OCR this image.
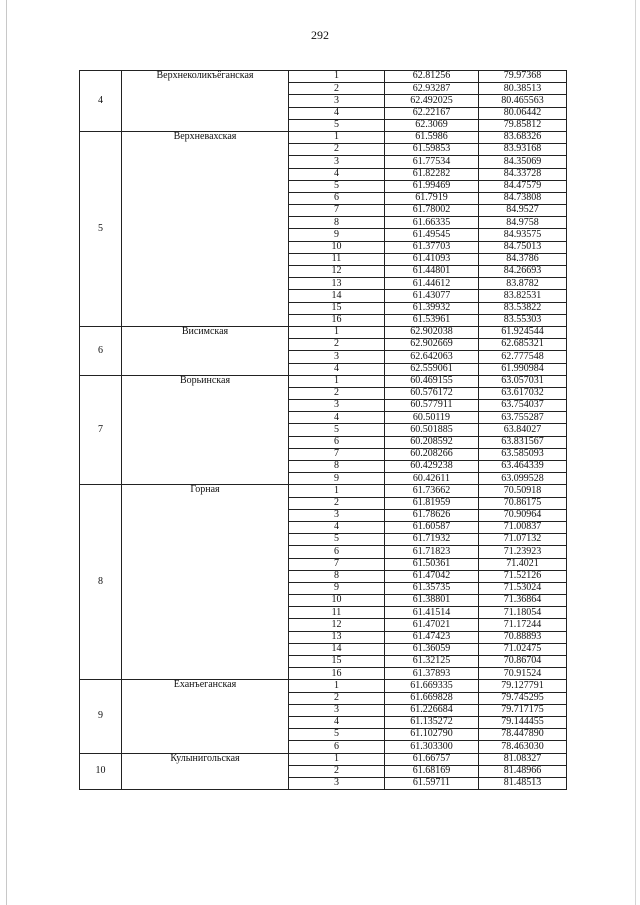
292
4	Верхнеколикъёганская	1	62.81256	79.97368
		2	62.93287	80.38513
		3	62.492025	80.465563
		4	62.22167	80.06442
		5	62.3069	79.85812
5	Верхневахская	1	61.5986	83.68326
		2	61.59853	83.93168
		3	61.77534	84.35069
		4	61.82282	84.33728
		5	61.99469	84.47579
		6	61.7919	84.73808
		7	61.78002	84.9527
		8	61.66335	84.9758
		9	61.49545	84.93575
		10	61.37703	84.75013
		11	61.41093	84.3786
		12	61.44801	84.26693
		13	61.44612	83.8782
		14	61.43077	83.82531
		15	61.39932	83.53822
		16	61.53961	83.55303
6	Висимская	1	62.902038	61.924544
		2	62.902669	62.685321
		3	62.642063	62.777548
		4	62.559061	61.990984
7	Ворьинская	1	60.469155	63.057031
		2	60.576172	63.617032
		3	60.577911	63.754037
		4	60.50119	63.755287
		5	60.501885	63.84027
		6	60.208592	63.831567
		7	60.208266	63.585093
		8	60.429238	63.464339
		9	60.42611	63.099528
8	Горная	1	61.73662	70.50918
		2	61.81959	70.86175
		3	61.78626	70.90964
		4	61.60587	71.00837
		5	61.71932	71.07132
		6	61.71823	71.23923
		7	61.50361	71.4021
		8	61.47042	71.52126
		9	61.35735	71.53024
		10	61.38801	71.36864
		11	61.41514	71.18054
		12	61.47021	71.17244
		13	61.47423	70.88893
		14	61.36059	71.02475
		15	61.32125	70.86704
		16	61.37893	70.91524
9	Еханъеганская	1	61.669335	79.127791
		2	61.669828	79.745295
		3	61.226684	79.717175
		4	61.135272	79.144455
		5	61.102790	78.447890
		6	61.303300	78.463030
10	Кулынигольская	1	61.66757	81.08327
		2	61.68169	81.48966
		3	61.59711	81.48513
